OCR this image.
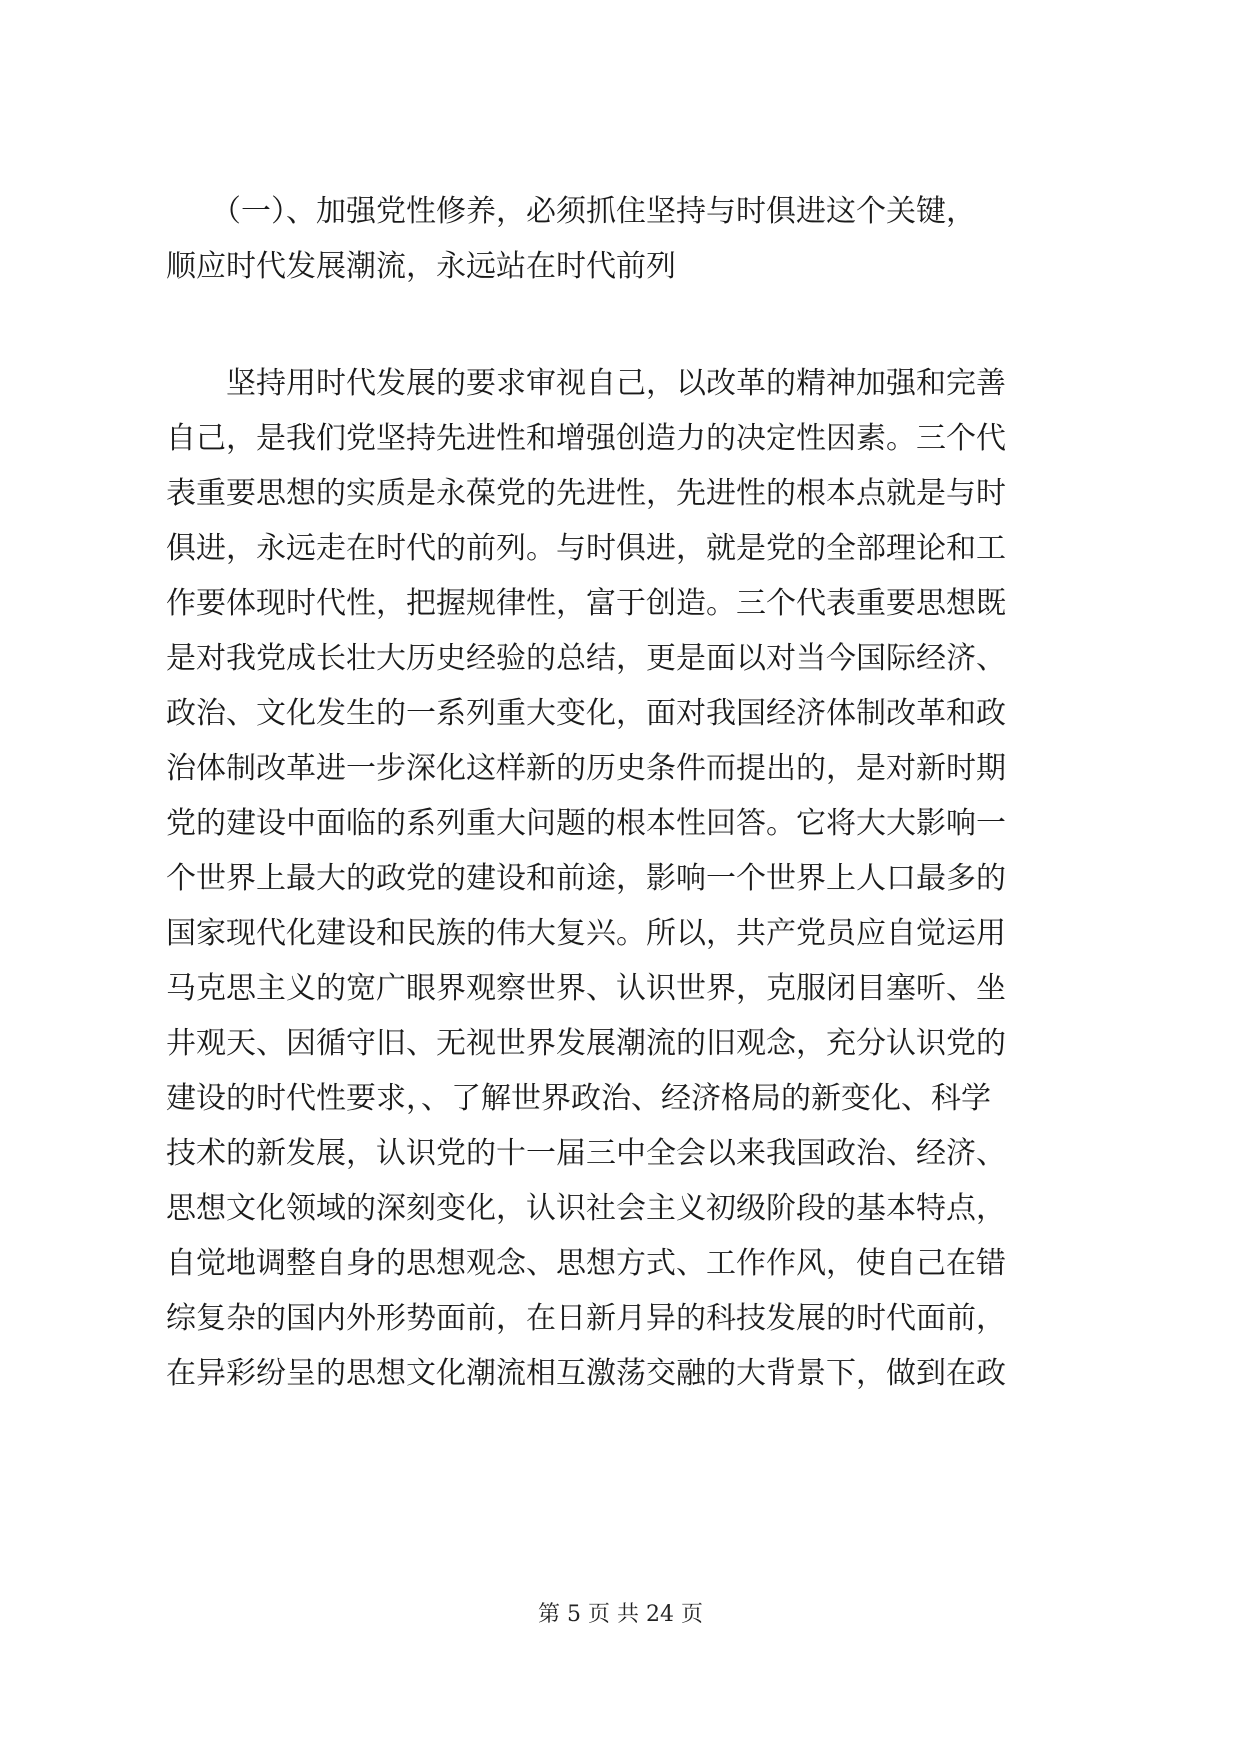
　　（一）、加强党性修养，必须抓住坚持与时俱进这个关键，
顺应时代发展潮流，永远站在时代前列
　　坚持用时代发展的要求审视自己，以改革的精神加强和完善
自己，是我们党坚持先进性和增强创造力的决定性因素。三个代
表重要思想的实质是永葆党的先进性，先进性的根本点就是与时
俱进，永远走在时代的前列。与时俱进，就是党的全部理论和工
作要体现时代性，把握规律性，富于创造。三个代表重要思想既
是对我党成长壮大历史经验的总结，更是面以对当今国际经济、
政治、文化发生的一系列重大变化，面对我国经济体制改革和政
治体制改革进一步深化这样新的历史条件而提出的，是对新时期
党的建设中面临的系列重大问题的根本性回答。它将大大影响一
个世界上最大的政党的建设和前途，影响一个世界上人口最多的
国家现代化建设和民族的伟大复兴。所以，共产党员应自觉运用
马克思主义的宽广眼界观察世界、认识世界，克服闭目塞听、坐
井观天、因循守旧、无视世界发展潮流的旧观念，充分认识党的
建设的时代性要求，、了解世界政治、经济格局的新变化、科学
技术的新发展，认识党的十一届三中全会以来我国政治、经济、
思想文化领域的深刻变化，认识社会主义初级阶段的基本特点，
自觉地调整自身的思想观念、思想方式、工作作风，使自己在错
综复杂的国内外形势面前，在日新月异的科技发展的时代面前，
在异彩纷呈的思想文化潮流相互激荡交融的大背景下，做到在政
第 5 页 共 24 页
